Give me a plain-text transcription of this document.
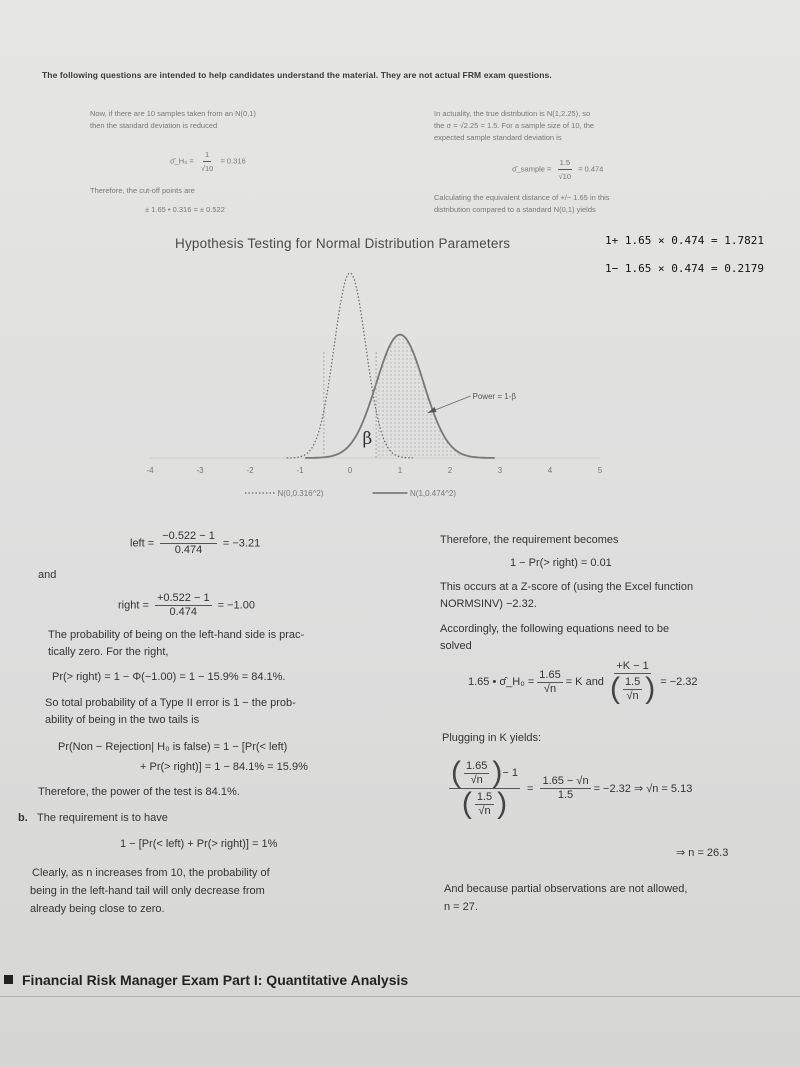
The following questions are intended to help candidates understand the material. They are not actual FRM exam questions.
Now, if there are 10 samples taken from an N(0,1)
then the standard deviation is reduced
σ̂_H₀ = $\frac{1}{√10} = 0.316$
Therefore, the cut-off points are
± 1.65 • 0.316 = ± 0.522
In actuality, the true distribution is N(1,2.25), so
the σ = √2.25 = 1.5. For a sample size of 10, the
expected sample standard deviation is
σ̂_sample = $\frac{1.5}{√10} = 0.474$
Calculating the equivalent distance of +/− 1.65 in this
distribution compared to a standard N(0,1) yields
1+ 1.65 × 0.474 = 1.7821
1− 1.65 × 0.474 = 0.2179
Hypothesis Testing for Normal Distribution Parameters
-4	-3	-2	-1	0	1	2	3	4	5
β
Power = 1-β
N(0,0.316^2)	N(1,0.474^2)
left = $\frac{-0.522 - 1}{0.474} = -3.21$
and
right = $\frac{+0.522 - 1}{0.474} = -1.00$
The probability of being on the left-hand side is prac-
tically zero. For the right,
Pr(> right) = 1 − Φ(−1.00) = 1 − 15.9% = 84.1%.
So total probability of a Type II error is 1 − the prob-
ability of being in the two tails is
Pr(Non − Rejection| H₀ is false) = 1 − [Pr(< left)
+ Pr(> right)] = 1 − 84.1% = 15.9%
Therefore, the power of the test is 84.1%.
b. The requirement is to have
1 − [Pr(< left) + Pr(> right)] = 1%
Clearly, as n increases from 10, the probability of
being in the left-hand tail will only decrease from
already being close to zero.
Therefore, the requirement becomes
1 − Pr(> right) = 0.01
This occurs at a Z-score of (using the Excel function
NORMSINV) −2.32.
Accordingly, the following equations need to be
solved
1.65 • σ̂_H₀ = $\frac{1.65}{√n} = K$ and $\frac{+K - 1}{( \frac{1.5}{√n} )} = -2.32$
Plugging in K yields:
$\frac{( \frac{1.65}{√n} ) - 1}{( \frac{1.5}{√n} )} = \frac{1.65 - √n}{1.5} = -2.32$ ⇒ √n = 5.13
⇒ n = 26.3
And because partial observations are not allowed,
n = 27.
Financial Risk Manager Exam Part I: Quantitative Analysis
